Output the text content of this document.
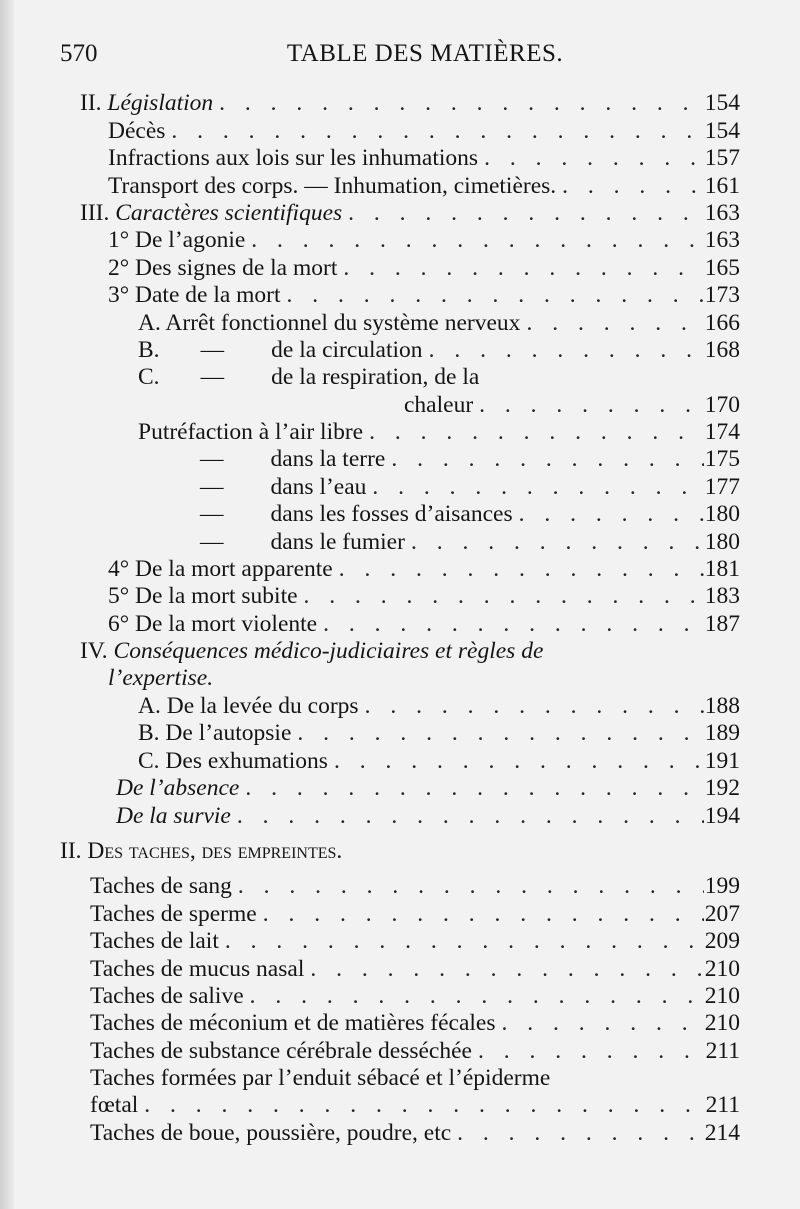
570	TABLE DES MATIÈRES.
II. Législation . . .	154
Décès . . .	154
Infractions aux lois sur les inhumations . . .	157
Transport des corps. — Inhumation, cimetières. . . .	161
III. Caractères scientifiques . . .	163
1° De l’agonie . . .	163
2° Des signes de la mort . . .	165
3° Date de la mort . . .	173
A. Arrêt fonctionnel du système nerveux . . .	166
B.       —        de la circulation . . .	168
C.       —        de la respiration, de la
chaleur . . .	170
Putréfaction à l’air libre . . .	174
—        dans la terre . . .	175
—        dans l’eau . . .	177
—        dans les fosses d’aisances . . .	180
—        dans le fumier . . .	180
4° De la mort apparente . . .	181
5° De la mort subite . . .	183
6° De la mort violente . . .	187
IV. Conséquences médico-judiciaires et règles de
l’expertise.
A. De la levée du corps . . .	188
B. De l’autopsie . . .	189
C. Des exhumations . . .	191
De l’absence . . .	192
De la survie . . .	194
II. Des taches, des empreintes.
Taches de sang . . .	199
Taches de sperme . . .	207
Taches de lait . . .	209
Taches de mucus nasal . . .	210
Taches de salive . . .	210
Taches de méconium et de matières fécales . . .	210
Taches de substance cérébrale desséchée . . .	211
Taches formées par l’enduit sébacé et l’épiderme
fœtal . . .	211
Taches de boue, poussière, poudre, etc . . .	214
